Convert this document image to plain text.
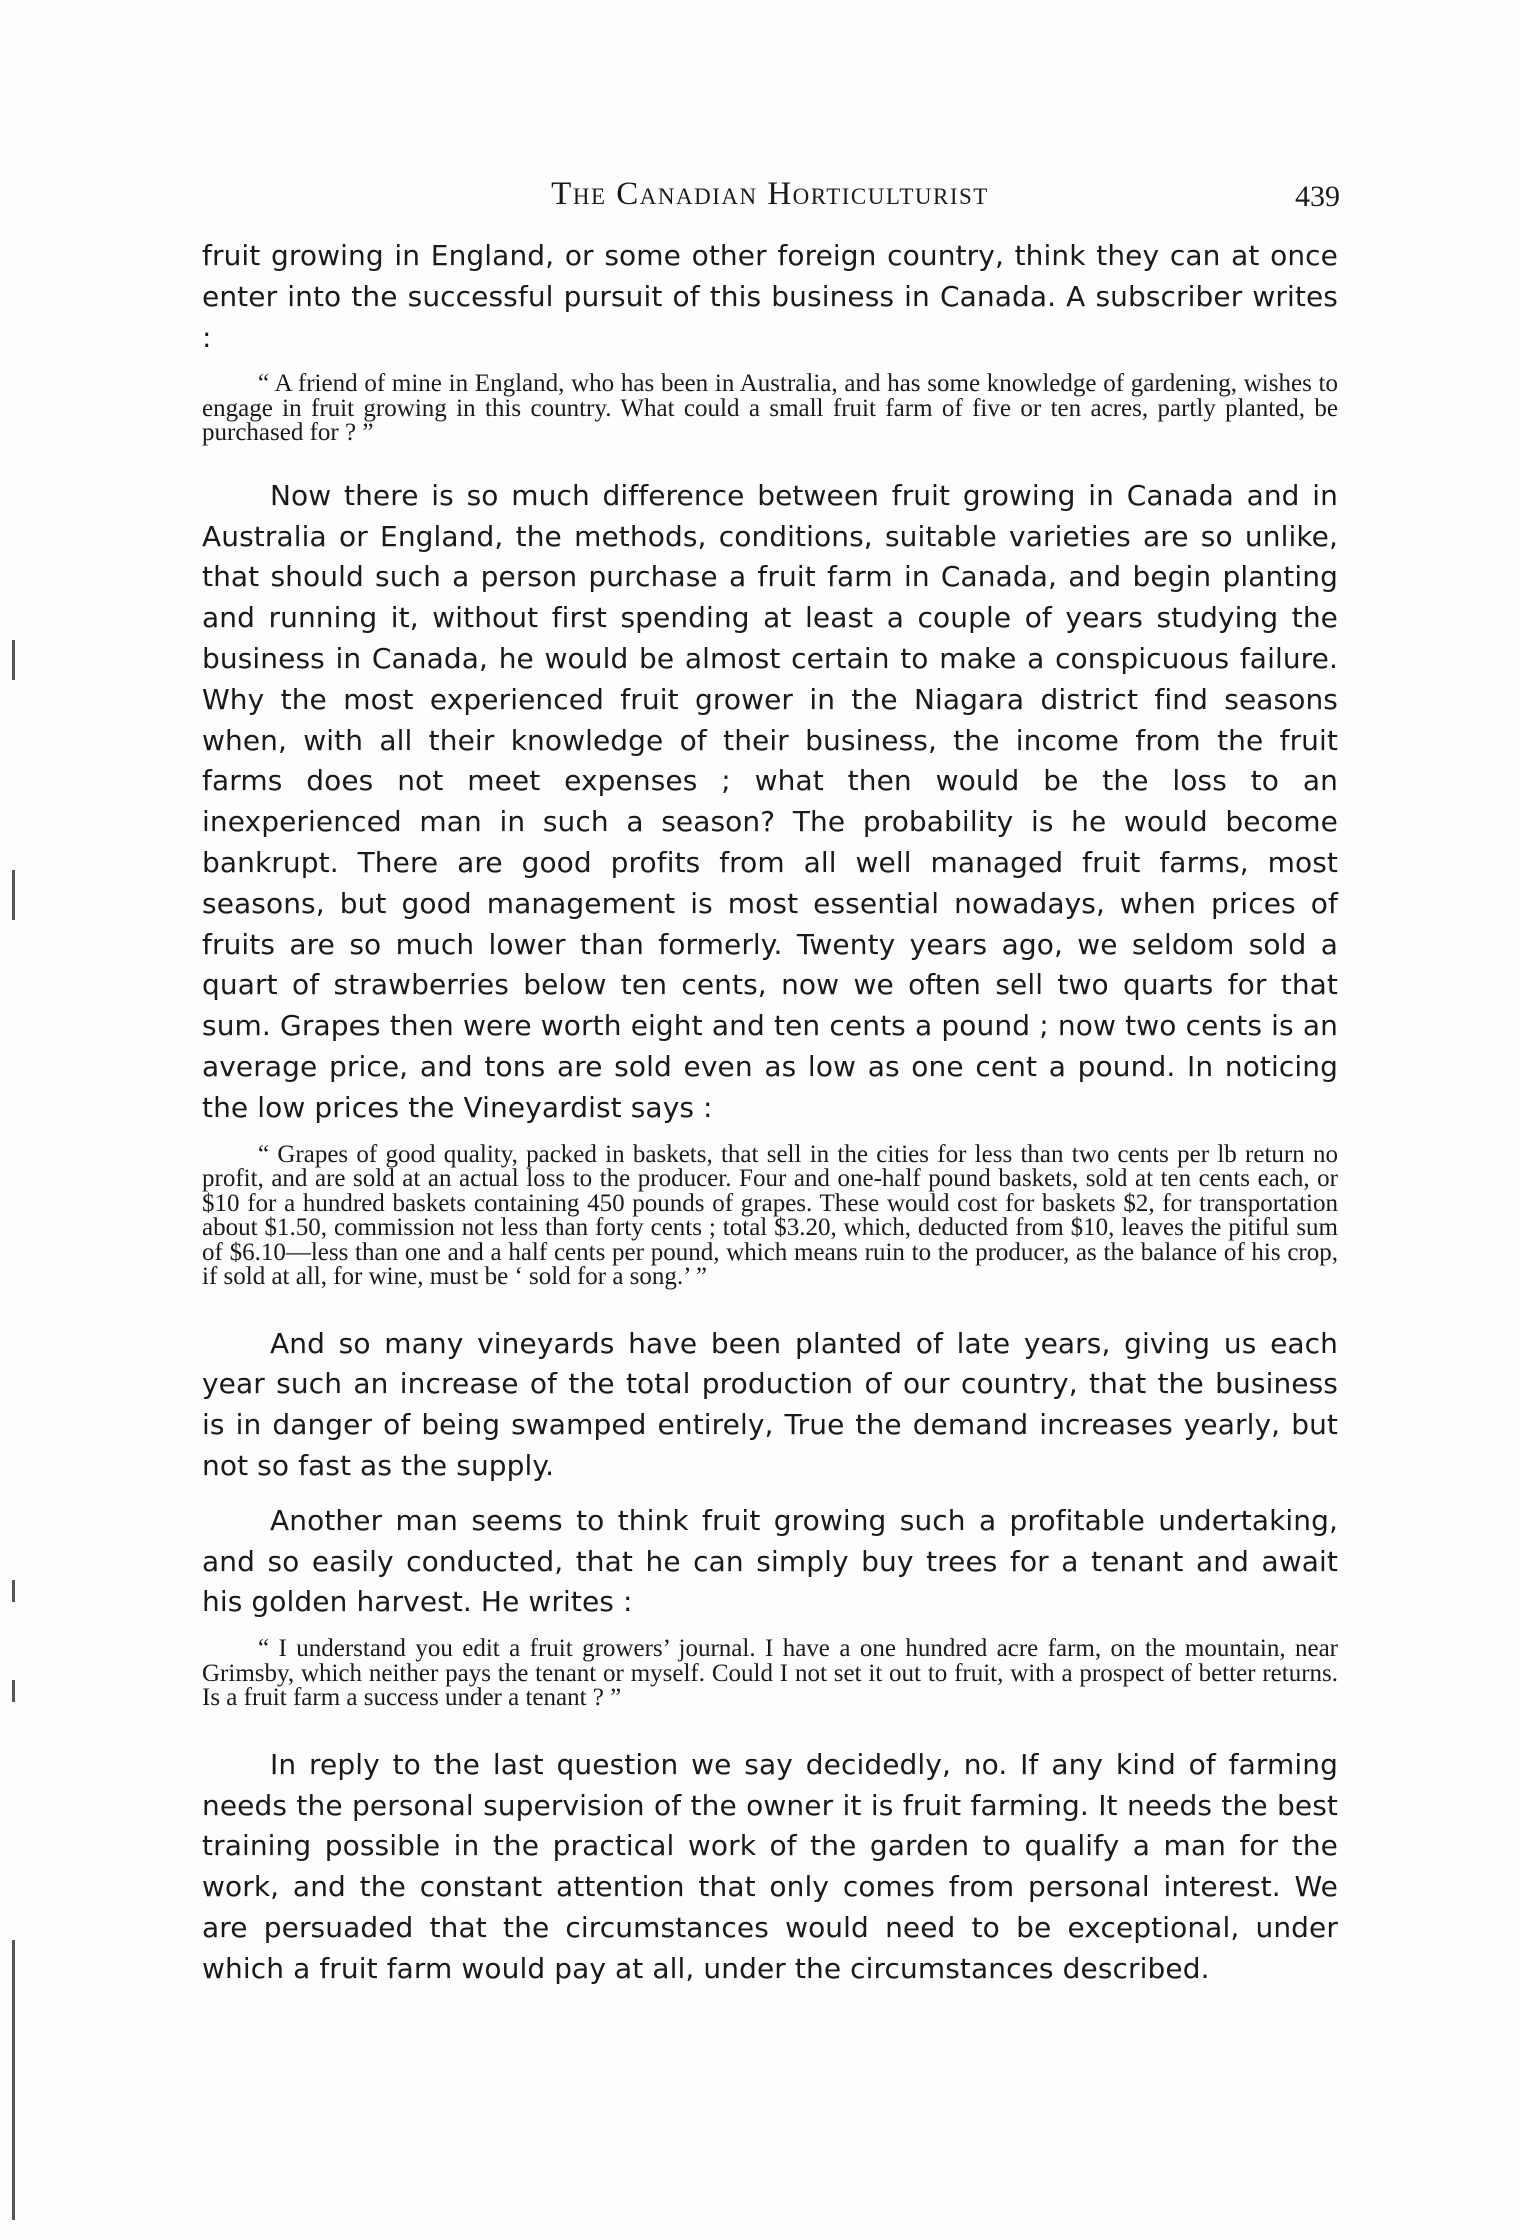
The Canadian Horticulturist	439

fruit growing in England, or some other foreign country, think they can at once enter into the successful pursuit of this business in Canada. A subscriber writes :

“ A friend of mine in England, who has been in Australia, and has some knowledge of gardening, wishes to engage in fruit growing in this country. What could a small fruit farm of five or ten acres, partly planted, be purchased for ? ”

Now there is so much difference between fruit growing in Canada and in Australia or England, the methods, conditions, suitable varieties are so unlike, that should such a person purchase a fruit farm in Canada, and begin planting and running it, without first spending at least a couple of years studying the business in Canada, he would be almost certain to make a conspicuous failure. Why the most experienced fruit grower in the Niagara district find seasons when, with all their knowledge of their business, the income from the fruit farms does not meet expenses ; what then would be the loss to an inexperienced man in such a season? The probability is he would become bankrupt. There are good profits from all well managed fruit farms, most seasons, but good management is most essential nowadays, when prices of fruits are so much lower than formerly. Twenty years ago, we seldom sold a quart of strawberries below ten cents, now we often sell two quarts for that sum. Grapes then were worth eight and ten cents a pound ; now two cents is an average price, and tons are sold even as low as one cent a pound. In noticing the low prices the Vineyardist says :

“ Grapes of good quality, packed in baskets, that sell in the cities for less than two cents per lb return no profit, and are sold at an actual loss to the producer. Four and one-half pound baskets, sold at ten cents each, or $10 for a hundred baskets containing 450 pounds of grapes. These would cost for baskets $2, for transportation about $1.50, commission not less than forty cents ; total $3.20, which, deducted from $10, leaves the pitiful sum of $6.10—less than one and a half cents per pound, which means ruin to the producer, as the balance of his crop, if sold at all, for wine, must be ‘ sold for a song.’ ”

And so many vineyards have been planted of late years, giving us each year such an increase of the total production of our country, that the business is in danger of being swamped entirely, True the demand increases yearly, but not so fast as the supply.

Another man seems to think fruit growing such a profitable undertaking, and so easily conducted, that he can simply buy trees for a tenant and await his golden harvest. He writes :

“ I understand you edit a fruit growers’ journal. I have a one hundred acre farm, on the mountain, near Grimsby, which neither pays the tenant or myself. Could I not set it out to fruit, with a prospect of better returns. Is a fruit farm a success under a tenant ? ”

In reply to the last question we say decidedly, no. If any kind of farming needs the personal supervision of the owner it is fruit farming. It needs the best training possible in the practical work of the garden to qualify a man for the work, and the constant attention that only comes from personal interest. We are persuaded that the circumstances would need to be exceptional, under which a fruit farm would pay at all, under the circumstances described.
